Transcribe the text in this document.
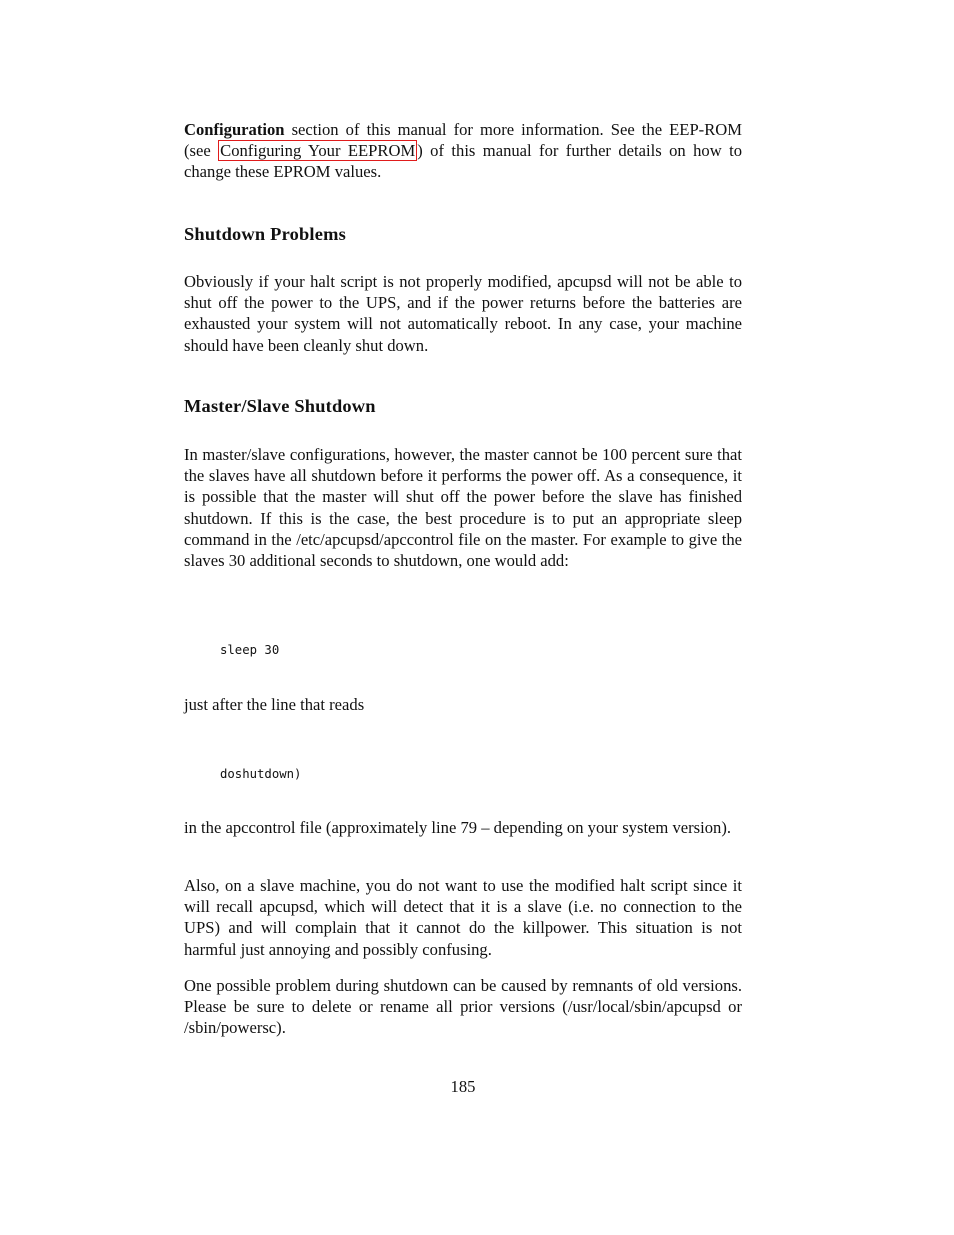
Configuration section of this manual for more information. See the EEP-ROM (see Configuring Your EEPROM ) of this manual for further details on how to change these EPROM values.

Shutdown Problems

Obviously if your halt script is not properly modified, apcupsd will not be able to shut off the power to the UPS, and if the power returns before the batteries are exhausted your system will not automatically reboot. In any case, your machine should have been cleanly shut down.

Master/Slave Shutdown

In master/slave configurations, however, the master cannot be 100 percent sure that the slaves have all shutdown before it performs the power off. As a consequence, it is possible that the master will shut off the power before the slave has finished shutdown. If this is the case, the best procedure is to put an appropriate sleep command in the /etc/apcupsd/apccontrol file on the master. For example to give the slaves 30 additional seconds to shutdown, one would add:

sleep 30

just after the line that reads

doshutdown)

in the apccontrol file (approximately line 79 – depending on your system version).

Also, on a slave machine, you do not want to use the modified halt script since it will recall apcupsd, which will detect that it is a slave (i.e. no connection to the UPS) and will complain that it cannot do the killpower. This situation is not harmful just annoying and possibly confusing.

One possible problem during shutdown can be caused by remnants of old versions. Please be sure to delete or rename all prior versions (/usr/local/sbin/apcupsd or /sbin/powersc).

185
